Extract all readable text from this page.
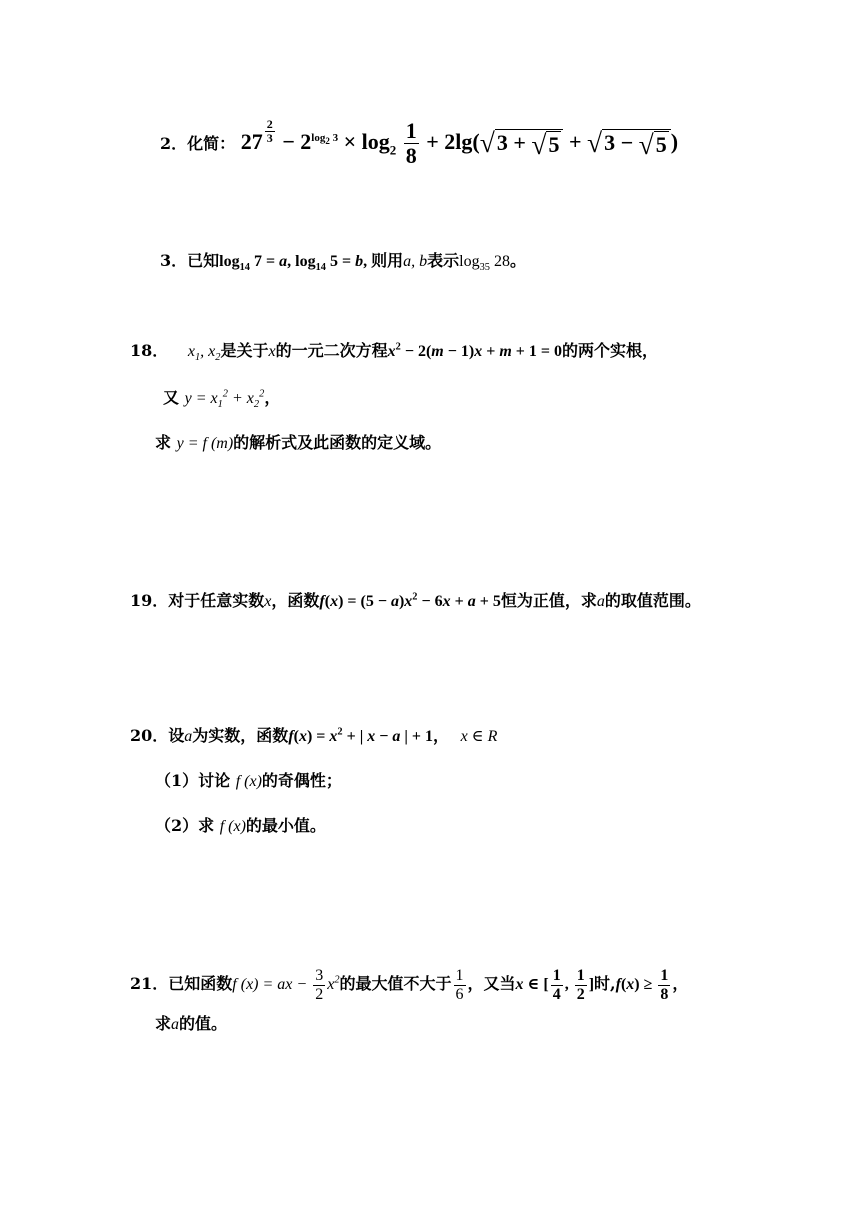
2．化简： 27 $^{\frac{2}{3}} - 2^{log_2 3} \times \log_2 \frac{1}{8} + 2\lg$( √ 3 + √ 5 + √ 3 − √ 5 )
3．已知$\log_{14} 7 = a$, $\log_{14} 5 = b$, 则用a, b表示$\log_{35} 28$。
18． $x_1$, $x_2$是关于x的一元二次方程$x^2 - 2(m - 1)x + m + 1 = 0$的两个实根，
又 $y = x_1^2 + x_2^2$，
求 y = f (m)的解析式及此函数的定义域。
19．对于任意实数x，函数$f(x) = (5 - a)x^2 - 6x + a + 5$恒为正值，求a的取值范围。
20．设a为实数，函数$f(x) = x^2$ + | x − a | + 1， x ∈ R
（1）讨论 f (x)的奇偶性；
（2）求 f (x)的最小值。
21．已知函数f (x) = ax − $\frac{3}{2} x^2$的最大值不大于 $\frac{1}{6}$ ，又当x ∈ [ $\frac{1}{4}$ , $\frac{1}{2}$ ]时$,f(x) \ge \frac{1}{8}$ ，
求a的值。
